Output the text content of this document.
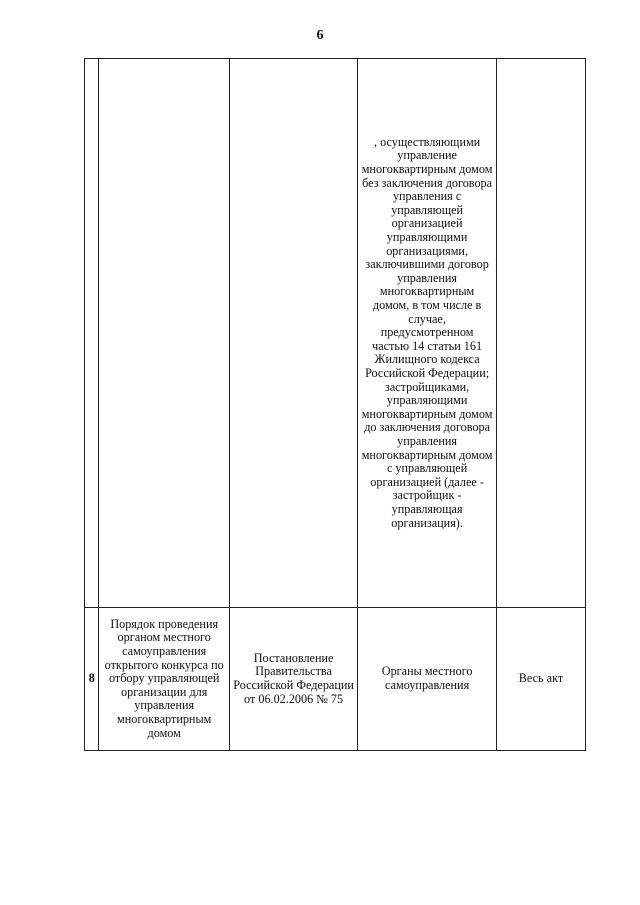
6
			, осуществляющими управление многоквартирным домом без заключения договора управления с управляющей организацией управляющими организациями, заключившими договор управления многоквартирным домом, в том числе в случае, предусмотренном частью 14 статьи 161 Жилищного кодекса Российской Федерации; застройщиками, управляющими многоквартирным домом до заключения договора управления многоквартирным домом с управляющей организацией (далее - застройщик - управляющая организация).	
8	Порядок проведения органом местного самоуправления открытого конкурса по отбору управляющей организации для управления многоквартирным домом	Постановление Правительства Российской Федерации от 06.02.2006 № 75	Органы местного самоуправления	Весь акт
